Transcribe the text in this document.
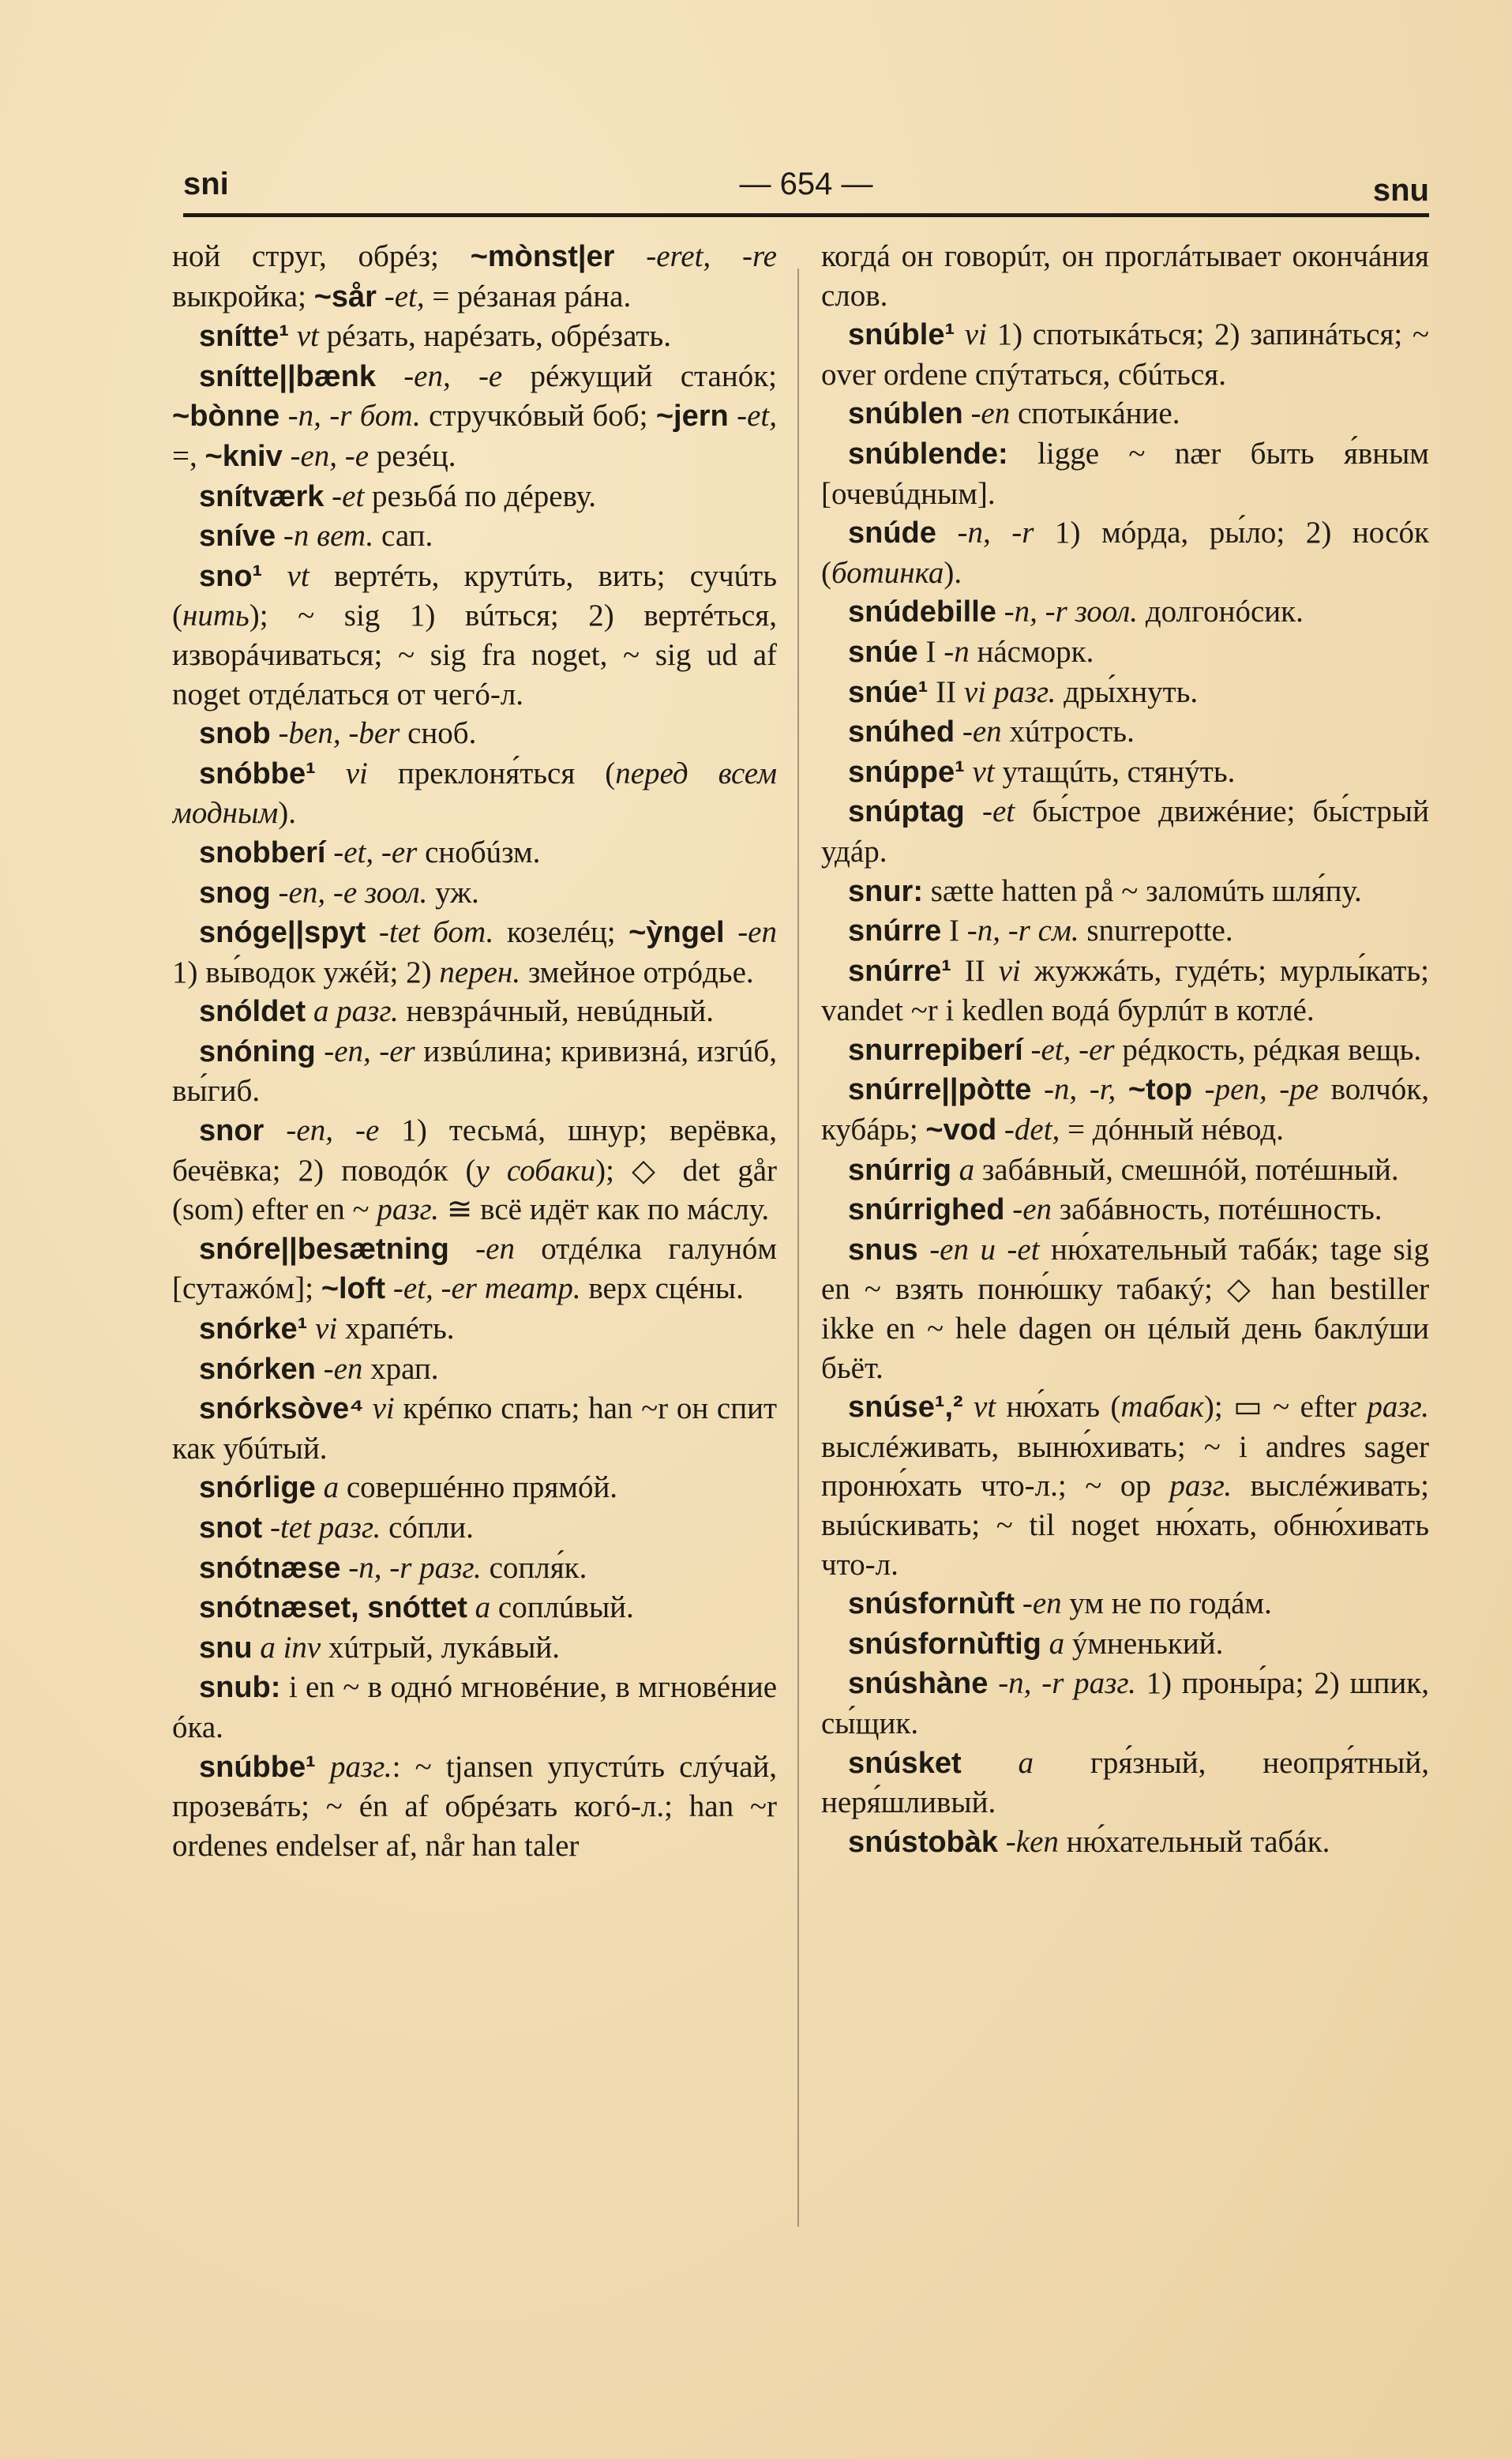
sni	— 654 —	snu

ной струг, обрéз; ~mònst|er -eret, -re выкройка; ~sår -et, = рéзаная рáна.

snítte¹ vt рéзать, нарéзать, обрéзать.

snítte||bænk -en, -e рéжущий станóк; ~bònne -n, -r бот. стручкóвый боб; ~jern -et, =, ~kniv -en, -e резéц.

snítværk -et резьбá по дéреву.

sníve -n вет. сап.

sno¹ vt вертéть, крутúть, вить; сучúть (нить); ~ sig 1) вúться; 2) вертéться, изворáчиваться; ~ sig fra noget, ~ sig ud af noget отдéлаться от чегó-л.

snob -ben, -ber сноб.

snóbbe¹ vi преклоня́ться (перед всем модным).

snobberí -et, -er снобúзм.

snog -en, -e зоол. уж.

snóge||spyt -tet бот. козелéц; ~ỳngel -en 1) вы́водок ужéй; 2) перен. змейное отрóдье.

snóldet a разг. невзрáчный, невúдный.

snóning -en, -er извúлина; кривизнá, изгúб, вы́гиб.

snor -en, -e 1) тесьмá, шнур; верёвка, бечёвка; 2) поводóк (у собаки); ◇ det går (som) efter en ~ разг. ≅ всё идёт как по мáслу.

snóre||besætning -en отдéлка галунóм [сутажóм]; ~loft -et, -er театр. верх сцéны.

snórke¹ vi храпéть.

snórken -en храп.

snórksòve⁴ vi крéпко спать; han ~r он спит как убúтый.

snórlige a совершéнно прямóй.

snot -tet разг. сóпли.

snótnæse -n, -r разг. сопля́к.

snótnæset, snóttet a соплúвый.

snu a inv хúтрый, лукáвый.

snub: i en ~ в однó мгновéние, в мгновéние óка.

snúbbe¹ разг.: ~ tjansen упустúть слýчай, прозевáть; ~ én af обрéзать когó-л.; han ~r ordenes endelser af, når han taler

когдá он говорúт, он проглáтывает окончáния слов.

snúble¹ vi 1) спотыкáться; 2) запинáться; ~ over ordene спýтаться, сбúться.

snúblen -en спотыкáние.

snúblende: ligge ~ nær быть я́вным [очевúдным].

snúde -n, -r 1) мóрда, ры́ло; 2) носóк (ботинка).

snúdebille -n, -r зоол. долгонóсик.

snúe I -n нáсморк.

snúe¹ II vi разг. дры́хнуть.

snúhed -en хúтрость.

snúppe¹ vt утащúть, стянýть.

snúptag -et бы́строе движéние; бы́стрый удáр.

snur: sætte hatten på ~ заломúть шля́пу.

snúrre I -n, -r см. snurrepotte.

snúrre¹ II vi жужжáть, гудéть; мурлы́кать; vandet ~r i kedlen водá бурлúт в котлé.

snurrepiberí -et, -er рéдкость, рéдкая вещь.

snúrre||pòtte -n, -r, ~top -pen, -pe волчóк, кубáрь; ~vod -det, = дóнный нéвод.

snúrrig a забáвный, смешнóй, потéшный.

snúrrighed -en забáвность, потéшность.

snus -en и -et ню́хательный табáк; tage sig en ~ взять поню́шку табакý; ◇ han bestiller ikke en ~ hele dagen он цéлый день баклýши бьёт.

snúse¹,² vt ню́хать (табак); ▭ ~ efter разг. выслéживать, выню́хивать; ~ i andres sager проню́хать что-л.; ~ op разг. выслéживать; выúскивать; ~ til noget ню́хать, обню́хивать что-л.

snúsfornùft -en ум не по годáм.

snúsfornùftig a ýмненький.

snúshàne -n, -r разг. 1) проны́ра; 2) шпик, сы́щик.

snúsket a гря́зный, неопря́тный, неря́шливый.

snústobàk -ken ню́хательный табáк.
